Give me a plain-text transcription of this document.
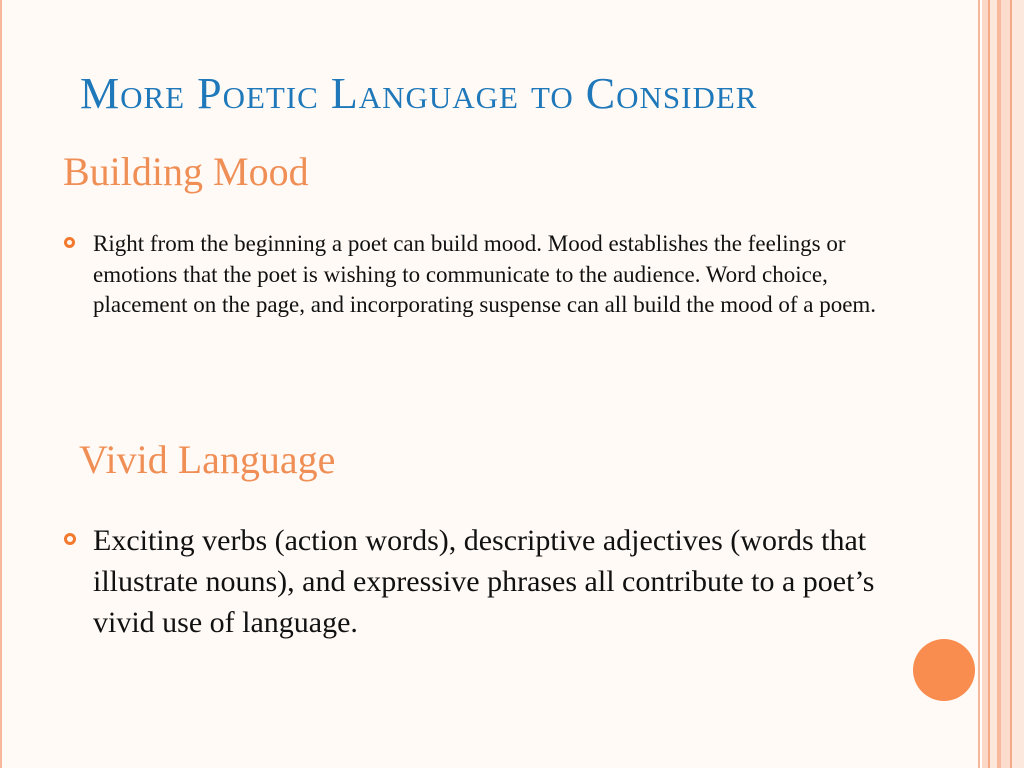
More Poetic Language to Consider
Building Mood

Right from the beginning a poet can build mood. Mood establishes the feelings or emotions that the poet is wishing to communicate to the audience. Word choice, placement on the page, and incorporating suspense can all build the mood of a poem.

Vivid Language

Exciting verbs (action words), descriptive adjectives (words that illustrate nouns), and expressive phrases all contribute to a poet’s vivid use of language.
